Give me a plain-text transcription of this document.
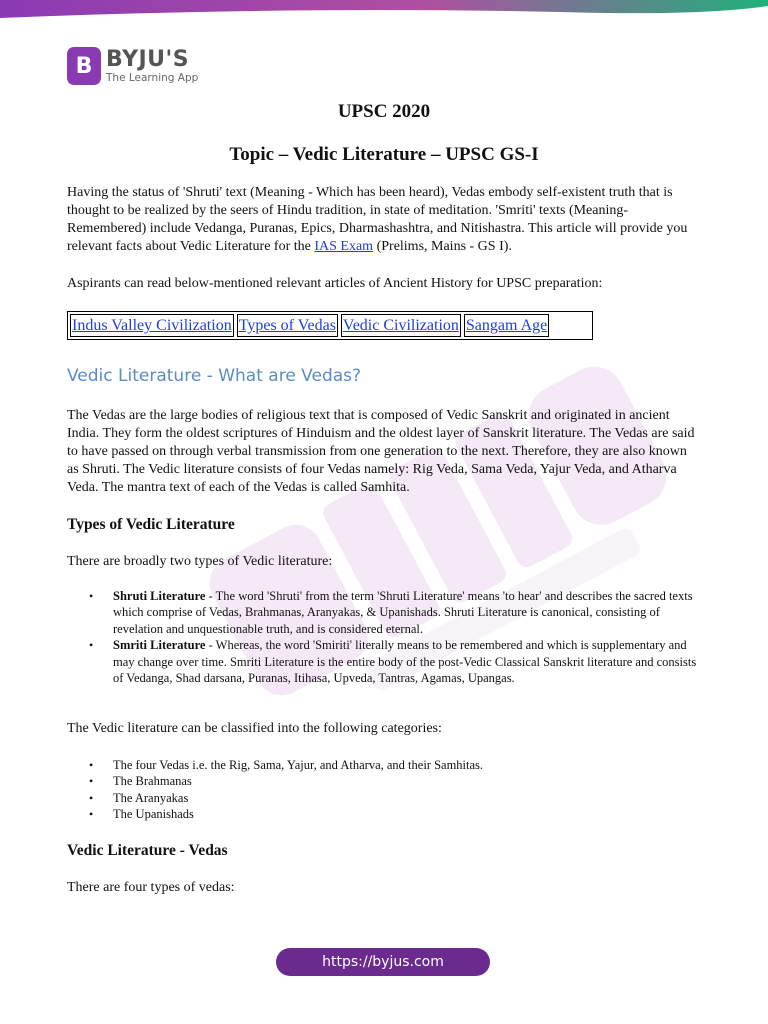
B BYJU'S
The Learning App
UPSC 2020
Topic – Vedic Literature – UPSC GS-I

Having the status of 'Shruti' text (Meaning - Which has been heard), Vedas embody self-existent truth that is thought to be realized by the seers of Hindu tradition, in state of meditation. 'Smriti' texts (Meaning- Remembered) include Vedanga, Puranas, Epics, Dharmashashtra, and Nitishastra. This article will provide you relevant facts about Vedic Literature for the IAS Exam (Prelims, Mains - GS I).

Aspirants can read below-mentioned relevant articles of Ancient History for UPSC preparation:

Indus Valley Civilization Types of Vedas Vedic Civilization Sangam Age
Vedic Literature - What are Vedas?

The Vedas are the large bodies of religious text that is composed of Vedic Sanskrit and originated in ancient India. They form the oldest scriptures of Hinduism and the oldest layer of Sanskrit literature. The Vedas are said to have passed on through verbal transmission from one generation to the next. Therefore, they are also known as Shruti. The Vedic literature consists of four Vedas namely: Rig Veda, Sama Veda, Yajur Veda, and Atharva Veda. The mantra text of each of the Vedas is called Samhita.

Types of Vedic Literature

There are broadly two types of Vedic literature:

• Shruti Literature - The word 'Shruti' from the term 'Shruti Literature' means 'to hear' and describes the sacred texts which comprise of Vedas, Brahmanas, Aranyakas, & Upanishads. Shruti Literature is canonical, consisting of revelation and unquestionable truth, and is considered eternal.
• Smriti Literature - Whereas, the word 'Smiriti' literally means to be remembered and which is supplementary and may change over time. Smriti Literature is the entire body of the post-Vedic Classical Sanskrit literature and consists of Vedanga, Shad darsana, Puranas, Itihasa, Upveda, Tantras, Agamas, Upangas.

The Vedic literature can be classified into the following categories:

• The four Vedas i.e. the Rig, Sama, Yajur, and Atharva, and their Samhitas.
• The Brahmanas
• The Aranyakas
• The Upanishads
Vedic Literature - Vedas

There are four types of vedas:

https://byjus.com
